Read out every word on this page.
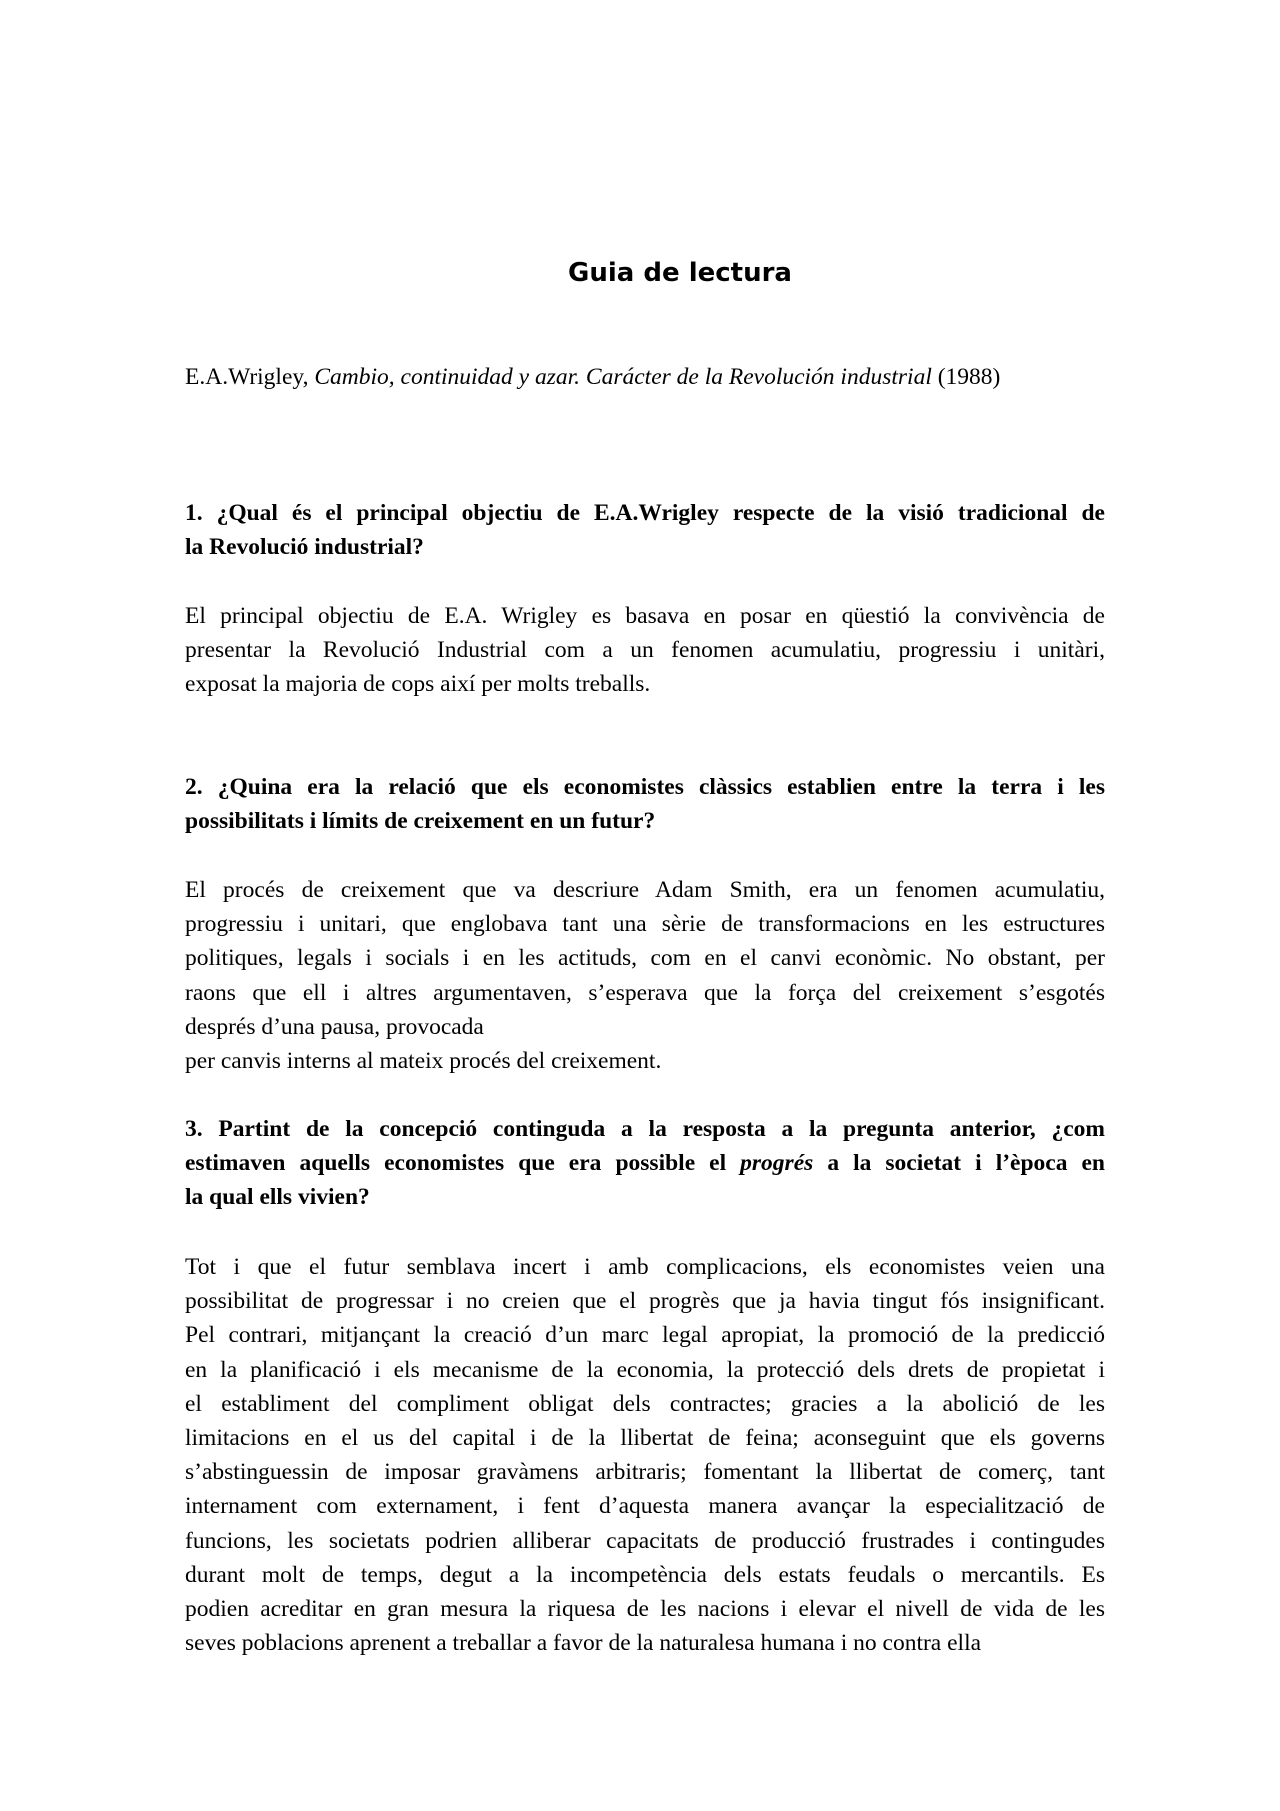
Guia de lectura

E.A.Wrigley, Cambio, continuidad y azar. Carácter de la Revolución industrial (1988)

1. ¿Qual és el principal objectiu de E.A.Wrigley respecte de la visió tradicional de
la Revolució industrial?
El principal objectiu de E.A. Wrigley es basava en posar en qüestió la convivència de
presentar la Revolució Industrial com a un fenomen acumulatiu, progressiu i unitàri,
exposat la majoria de cops així per molts treballs.
2. ¿Quina era la relació que els economistes clàssics establien entre la terra i les
possibilitats i límits de creixement en un futur?
El procés de creixement que va descriure Adam Smith, era un fenomen acumulatiu,
progressiu i unitari, que englobava tant una sèrie de transformacions en les estructures
politiques, legals i socials i en les actituds, com en el canvi econòmic. No obstant, per
raons que ell i altres argumentaven, s’esperava que la força del creixement s’esgotés
després d’una pausa, provocada
per canvis interns al mateix procés del creixement.
3. Partint de la concepció continguda a la resposta a la pregunta anterior, ¿com
estimaven aquells economistes que era possible el progrés a la societat i l’època en
la qual ells vivien?
Tot i que el futur semblava incert i amb complicacions, els economistes veien una
possibilitat de progressar i no creien que el progrès que ja havia tingut fós insignificant.
Pel contrari, mitjançant la creació d’un marc legal apropiat, la promoció de la predicció
en la planificació i els mecanisme de la economia, la protecció dels drets de propietat i
el establiment del compliment obligat dels contractes; gracies a la abolició de les
limitacions en el us del capital i de la llibertat de feina; aconseguint que els governs
s’abstinguessin de imposar gravàmens arbitraris; fomentant la llibertat de comerç, tant
internament com externament, i fent d’aquesta manera avançar la especialització de
funcions, les societats podrien alliberar capacitats de producció frustrades i contingudes
durant molt de temps, degut a la incompetència dels estats feudals o mercantils. Es
podien acreditar en gran mesura la riquesa de les nacions i elevar el nivell de vida de les
seves poblacions aprenent a treballar a favor de la naturalesa humana i no contra ella
